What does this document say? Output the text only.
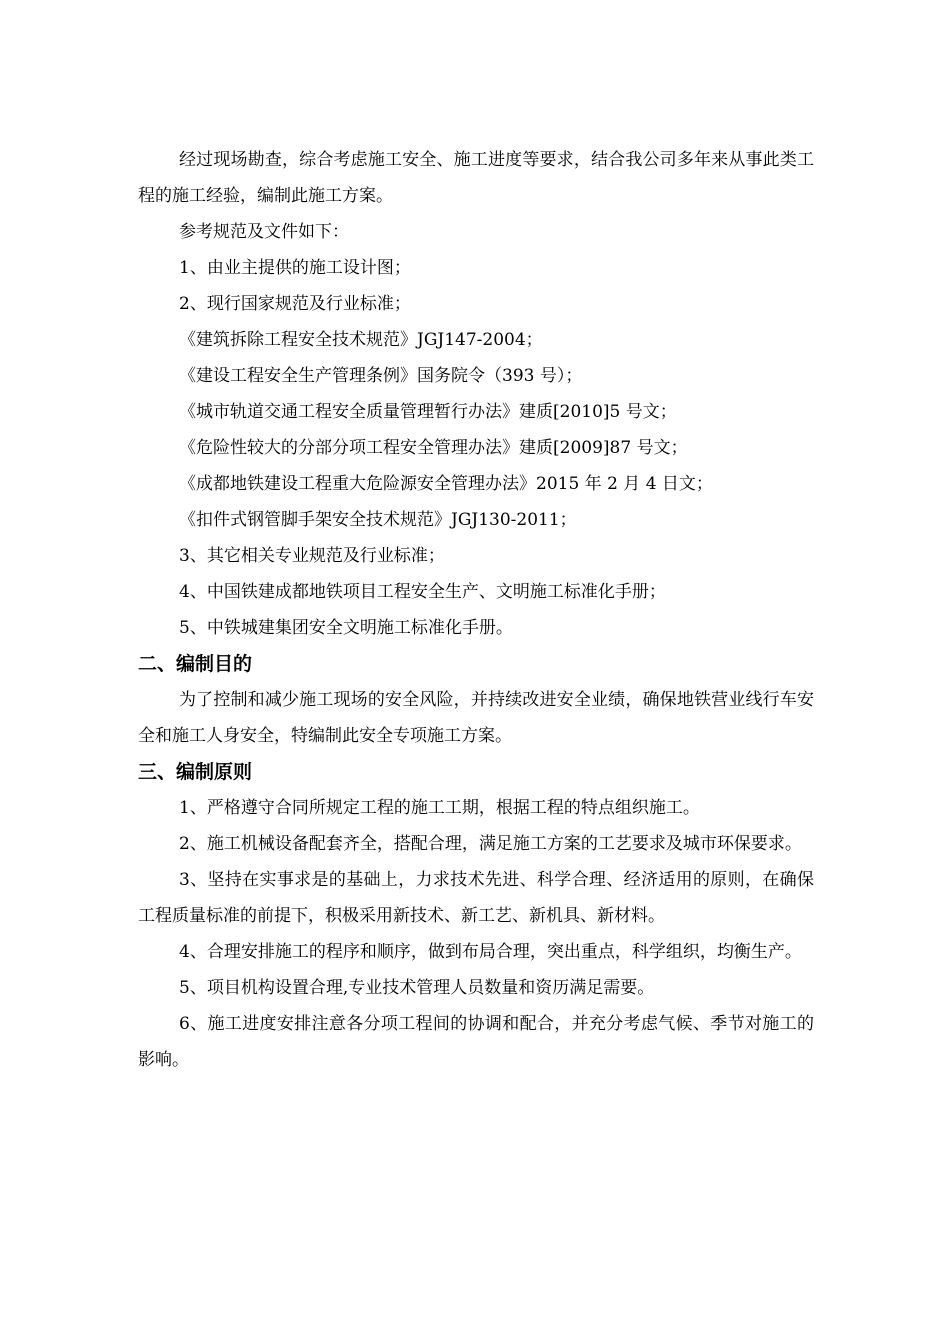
经过现场勘查，综合考虑施工安全、施工进度等要求，结合我公司多年来从事此类工程的施工经验，编制此施工方案。

参考规范及文件如下：

1、由业主提供的施工设计图；

2、现行国家规范及行业标准；

《建筑拆除工程安全技术规范》JGJ147-2004；

《建设工程安全生产管理条例》国务院令（393 号）；

《城市轨道交通工程安全质量管理暂行办法》建质[2010]5 号文；

《危险性较大的分部分项工程安全管理办法》建质[2009]87 号文；

《成都地铁建设工程重大危险源安全管理办法》2015 年 2 月 4 日文；

《扣件式钢管脚手架安全技术规范》JGJ130-2011；

3、其它相关专业规范及行业标准；

4、中国铁建成都地铁项目工程安全生产、文明施工标准化手册；

5、中铁城建集团安全文明施工标准化手册。

二、编制目的

为了控制和减少施工现场的安全风险，并持续改进安全业绩，确保地铁营业线行车安全和施工人身安全，特编制此安全专项施工方案。

三、编制原则

1、严格遵守合同所规定工程的施工工期，根据工程的特点组织施工。

2、施工机械设备配套齐全，搭配合理，满足施工方案的工艺要求及城市环保要求。

3、坚持在实事求是的基础上，力求技术先进、科学合理、经济适用的原则，在确保工程质量标准的前提下，积极采用新技术、新工艺、新机具、新材料。

4、合理安排施工的程序和顺序，做到布局合理，突出重点，科学组织，均衡生产。

5、项目机构设置合理,专业技术管理人员数量和资历满足需要。

6、施工进度安排注意各分项工程间的协调和配合，并充分考虑气候、季节对施工的影响。
